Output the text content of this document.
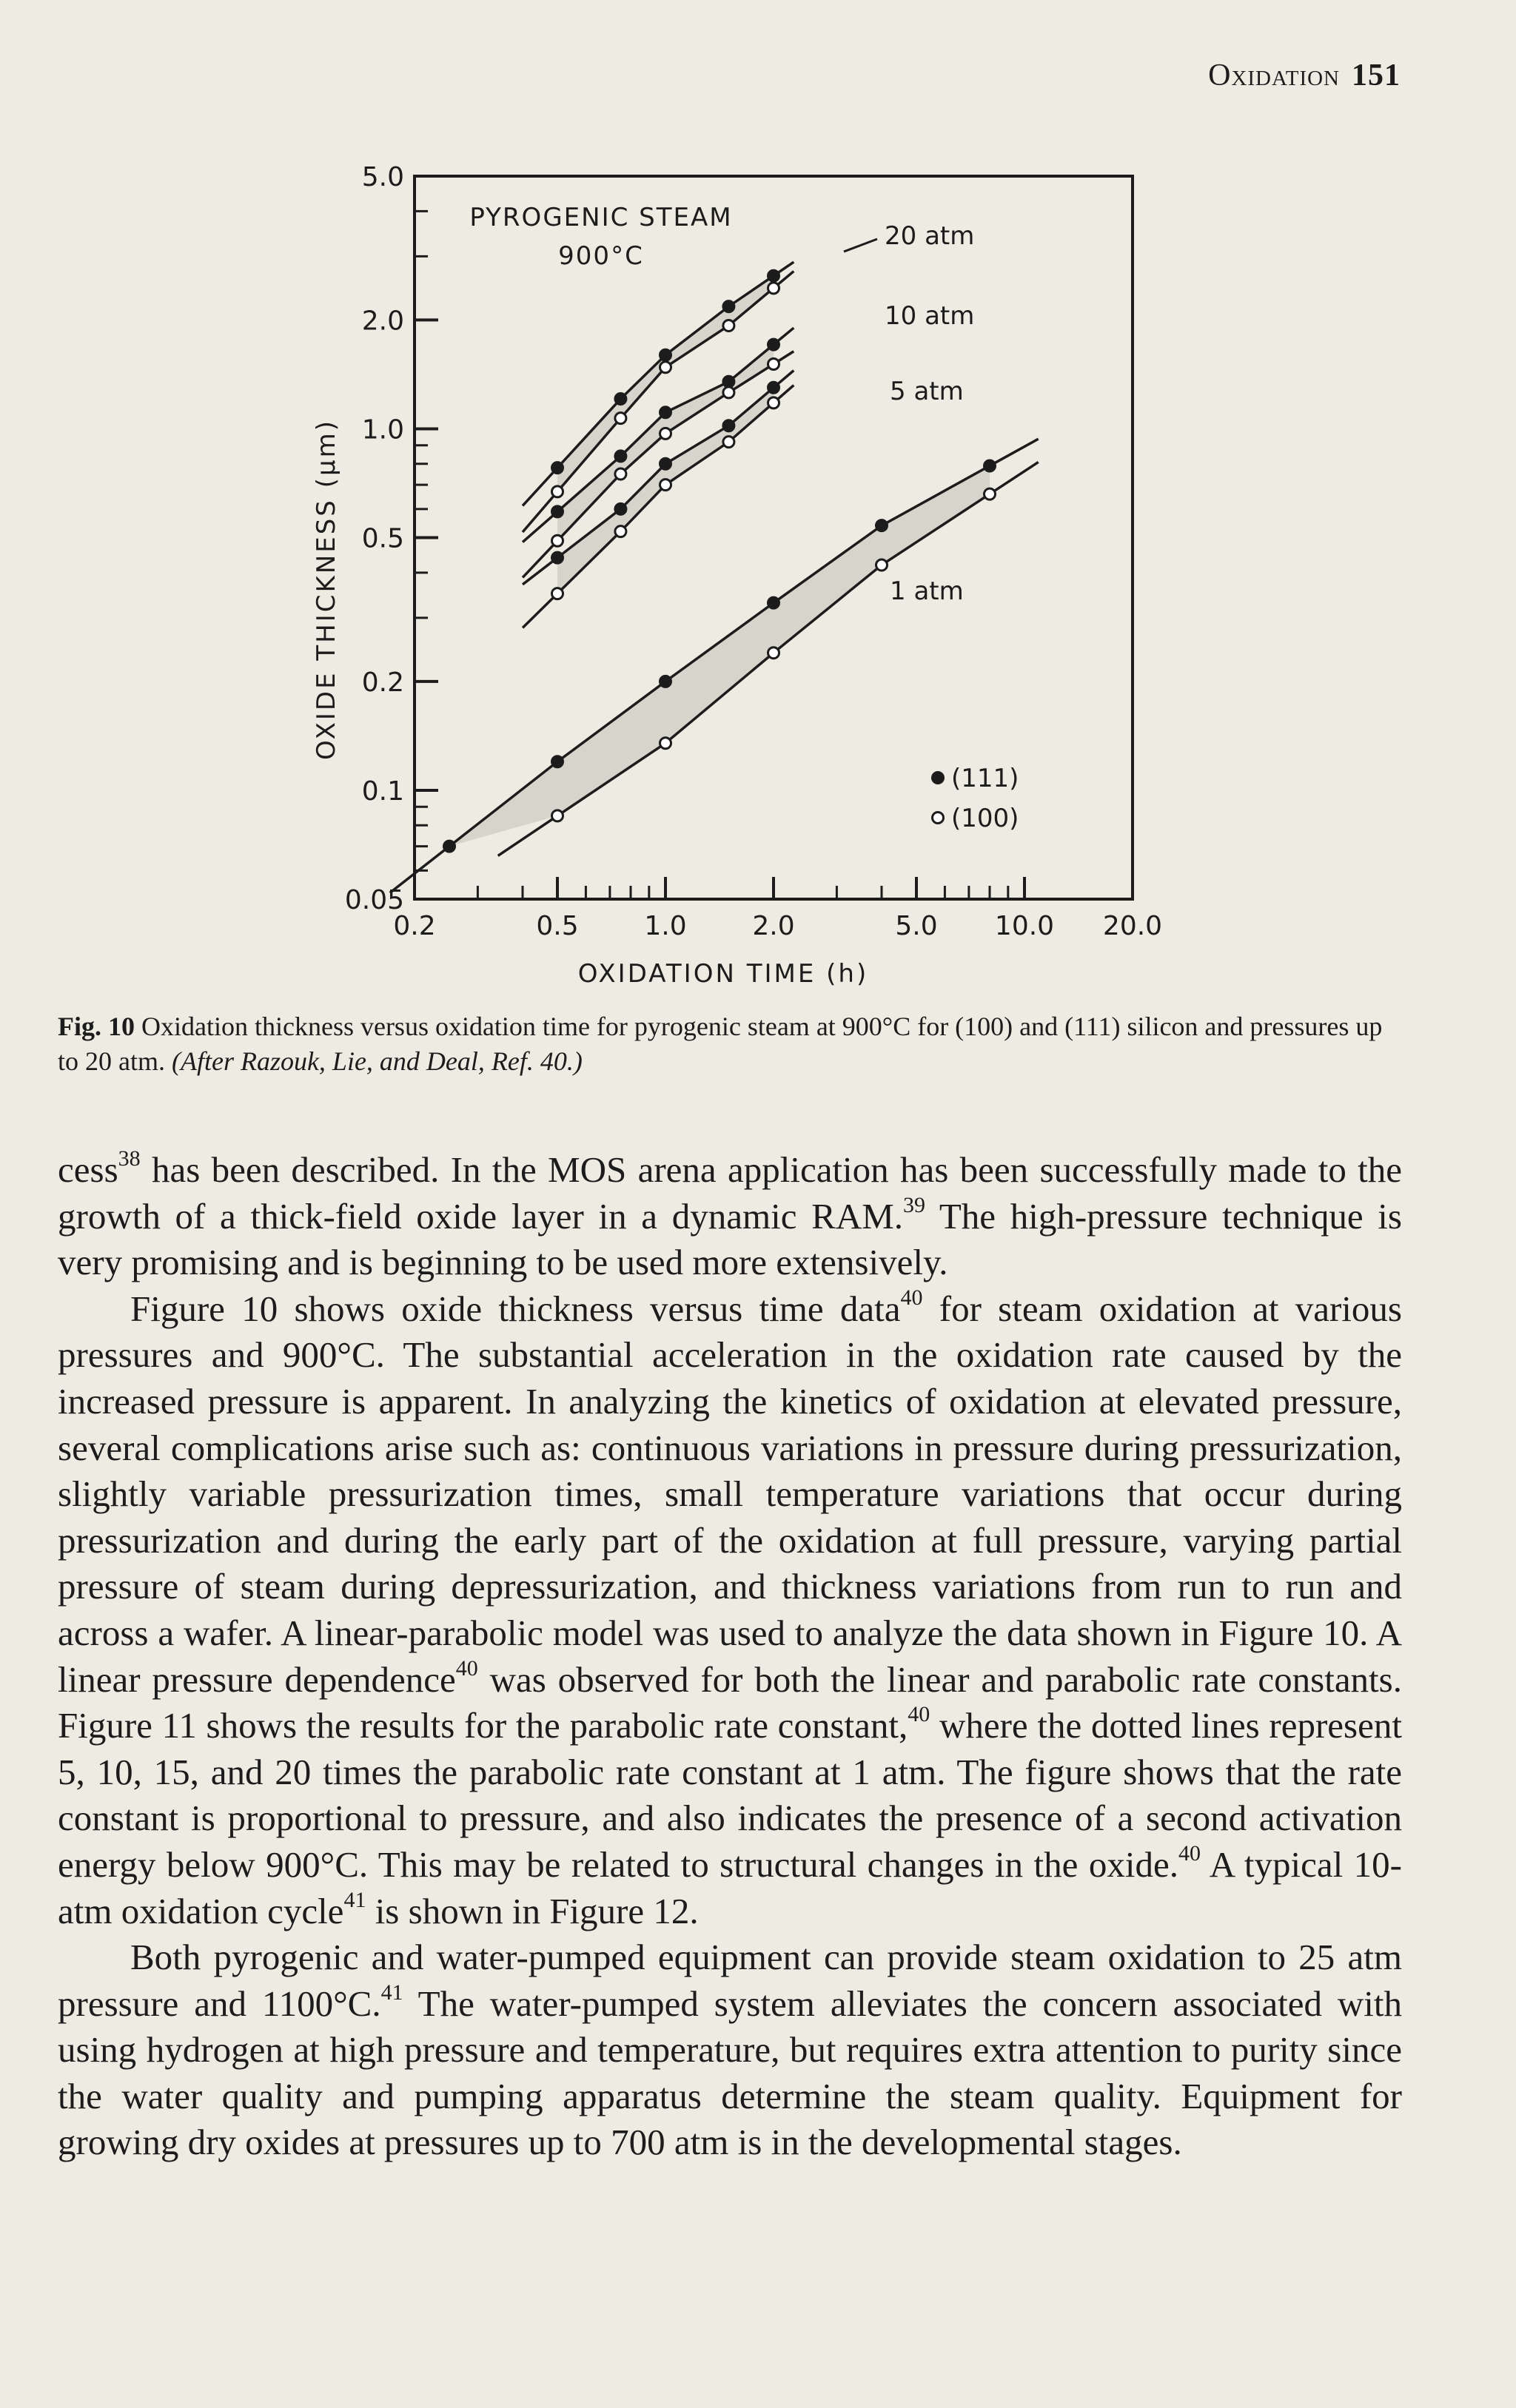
Oxidation 151
0.05
0.1
0.2
0.5
1.0
2.0
5.0
0.2	0.5 1.0 2.0	5.0 10.0 20.0
OXIDATION TIME (h)
OXIDE THICKNESS (μm)
PYROGENIC STEAM
900°C
20 atm
10 atm
5 atm
1 atm
(111)
(100)

Fig. 10 Oxidation thickness versus oxidation time for pyrogenic steam at 900°C for (100) and (111) silicon and pressures up to 20 atm. (After Razouk, Lie, and Deal, Ref. 40.)

cess$^{38}$ has been described. In the MOS arena application has been successfully made to the growth of a thick-field oxide layer in a dynamic RAM.$^{39}$ The high-pressure technique is very promising and is beginning to be used more extensively.

Figure 10 shows oxide thickness versus time data$^{40}$ for steam oxidation at various pressures and 900°C. The substantial acceleration in the oxidation rate caused by the increased pressure is apparent. In analyzing the kinetics of oxidation at elevated pressure, several complications arise such as: continuous variations in pressure during pressurization, slightly variable pressurization times, small temperature variations that occur during pressurization and during the early part of the oxidation at full pressure, varying partial pressure of steam during depressurization, and thickness variations from run to run and across a wafer. A linear-parabolic model was used to analyze the data shown in Figure 10. A linear pressure dependence$^{40}$ was observed for both the linear and parabolic rate constants. Figure 11 shows the results for the parabolic rate constant,$^{40}$ where the dotted lines represent 5, 10, 15, and 20 times the parabolic rate constant at 1 atm. The figure shows that the rate constant is proportional to pressure, and also indicates the presence of a second activation energy below 900°C. This may be related to structural changes in the oxide.$^{40}$ A typical 10-atm oxidation cycle$^{41}$ is shown in Figure 12.

Both pyrogenic and water-pumped equipment can provide steam oxidation to 25 atm pressure and 1100°C.$^{41}$ The water-pumped system alleviates the concern associated with using hydrogen at high pressure and temperature, but requires extra attention to purity since the water quality and pumping apparatus determine the steam quality. Equipment for growing dry oxides at pressures up to 700 atm is in the developmental stages.
